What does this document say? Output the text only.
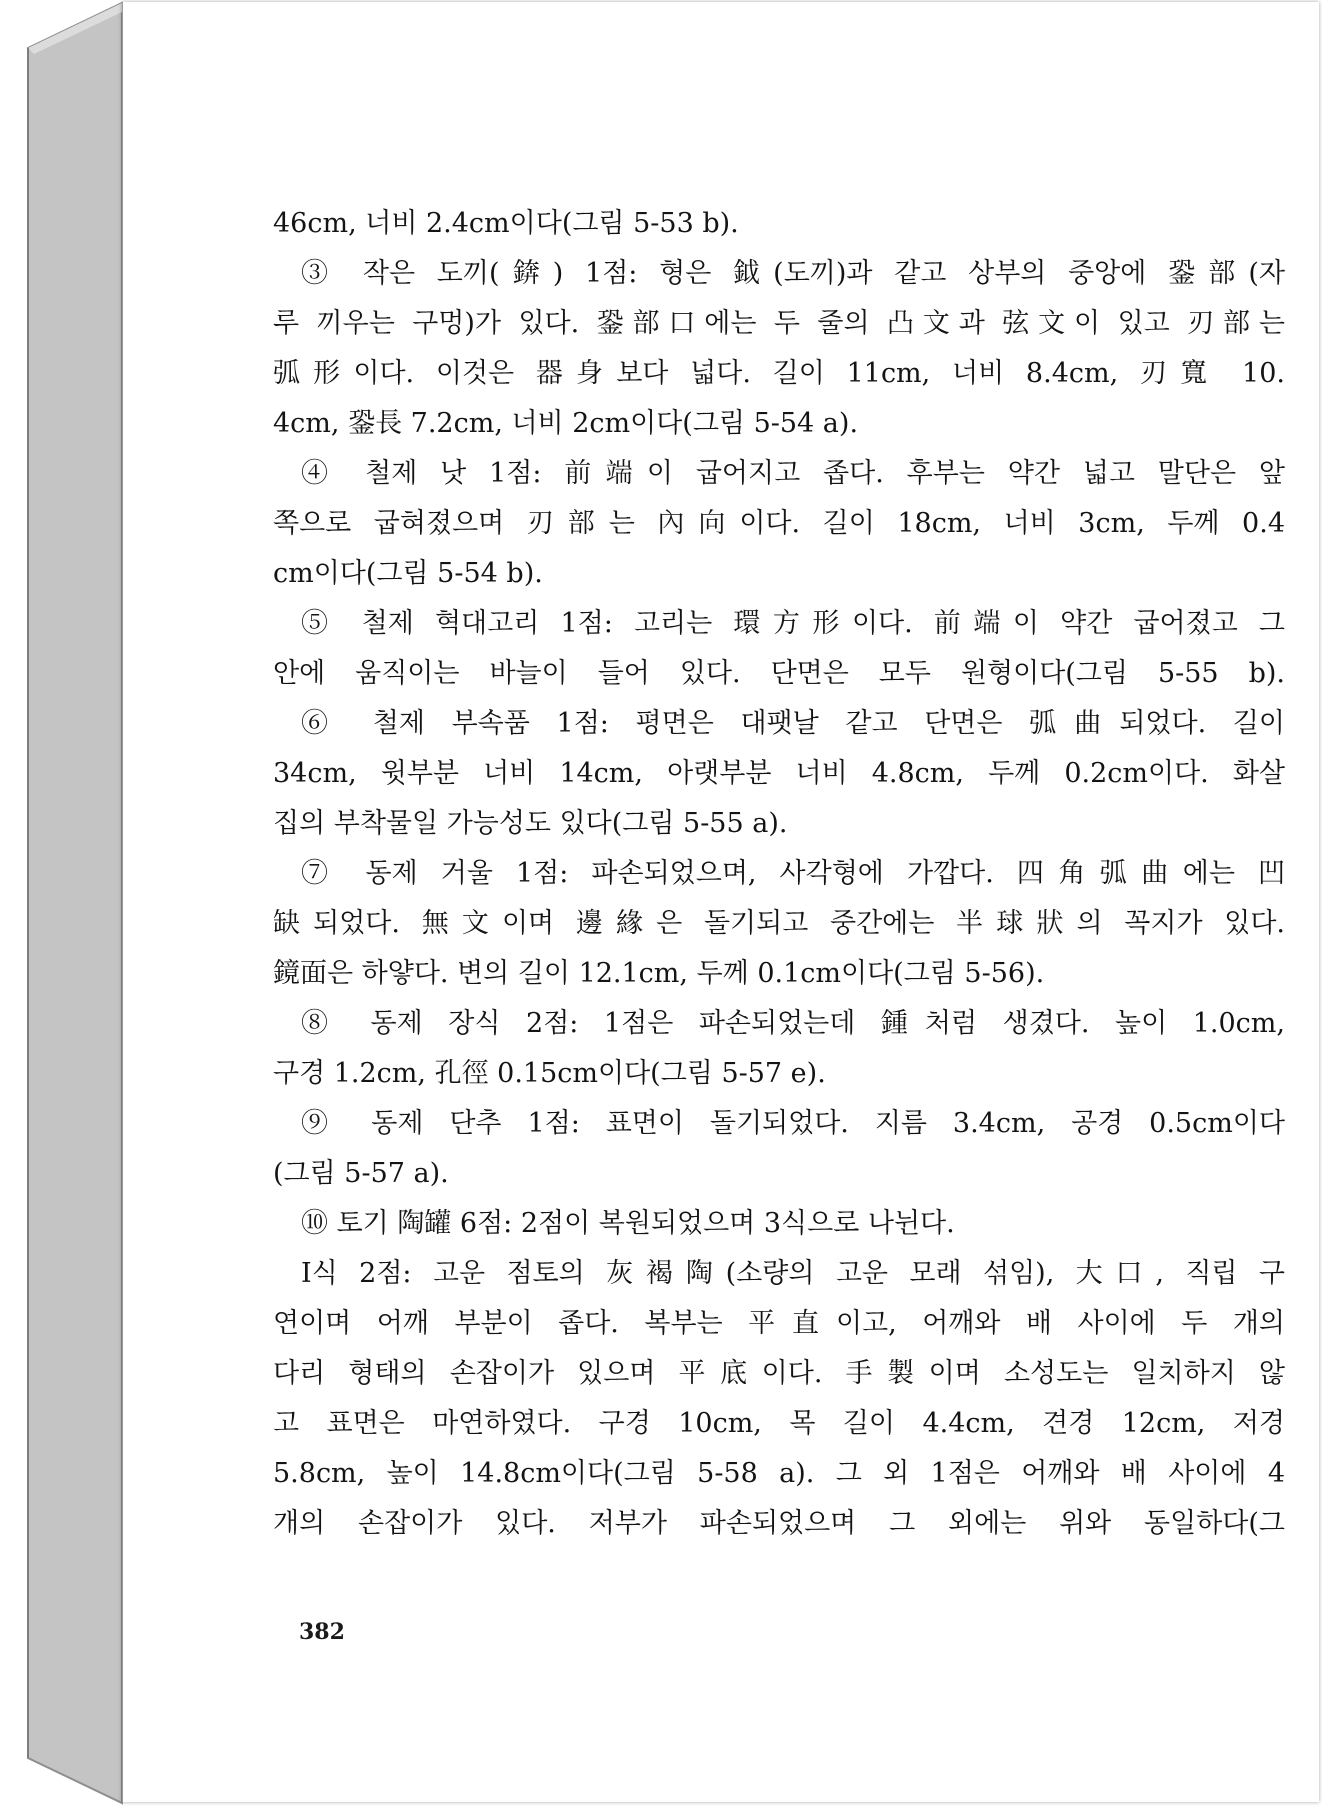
46cm, 너비 2.4cm이다(그림 5-53 b).
③ 작은 도끼(錛) 1점: 형은 鉞(도끼)과 같고 상부의 중앙에 銎部(자
루 끼우는 구멍)가 있다. 銎部口에는 두 줄의 凸文과 弦文이 있고 刃部는
弧形이다. 이것은 器身보다 넓다. 길이 11cm, 너비 8.4cm, 刃寬 10.
4cm, 銎長 7.2cm, 너비 2cm이다(그림 5-54 a).
④ 철제 낫 1점: 前端이 굽어지고 좁다. 후부는 약간 넓고 말단은 앞
쪽으로 굽혀졌으며 刃部는 內向이다. 길이 18cm, 너비 3cm, 두께 0.4
cm이다(그림 5-54 b).
⑤ 철제 혁대고리 1점: 고리는 環方形이다. 前端이 약간 굽어졌고 그
안에 움직이는 바늘이 들어 있다. 단면은 모두 원형이다(그림 5-55 b).
⑥ 철제 부속품 1점: 평면은 대팻날 같고 단면은 弧曲되었다. 길이
34cm, 윗부분 너비 14cm, 아랫부분 너비 4.8cm, 두께 0.2cm이다. 화살
집의 부착물일 가능성도 있다(그림 5-55 a).
⑦ 동제 거울 1점: 파손되었으며, 사각형에 가깝다. 四角弧曲에는 凹
缺되었다. 無文이며 邊緣은 돌기되고 중간에는 半球狀의 꼭지가 있다.
鏡面은 하얗다. 변의 길이 12.1cm, 두께 0.1cm이다(그림 5-56).
⑧ 동제 장식 2점: 1점은 파손되었는데 鍾처럼 생겼다. 높이 1.0cm,
구경 1.2cm, 孔徑 0.15cm이다(그림 5-57 e).
⑨ 동제 단추 1점: 표면이 돌기되었다. 지름 3.4cm, 공경 0.5cm이다
(그림 5-57 a).
⑩ 토기 陶罐 6점: 2점이 복원되었으며 3식으로 나뉜다.
I식 2점: 고운 점토의 灰褐陶(소량의 고운 모래 섞임), 大口, 직립 구
연이며 어깨 부분이 좁다. 복부는 平直이고, 어깨와 배 사이에 두 개의
다리 형태의 손잡이가 있으며 平底이다. 手製이며 소성도는 일치하지 않
고 표면은 마연하였다. 구경 10cm, 목 길이 4.4cm, 견경 12cm, 저경
5.8cm, 높이 14.8cm이다(그림 5-58 a). 그 외 1점은 어깨와 배 사이에 4
개의 손잡이가 있다. 저부가 파손되었으며 그 외에는 위와 동일하다(그
382
